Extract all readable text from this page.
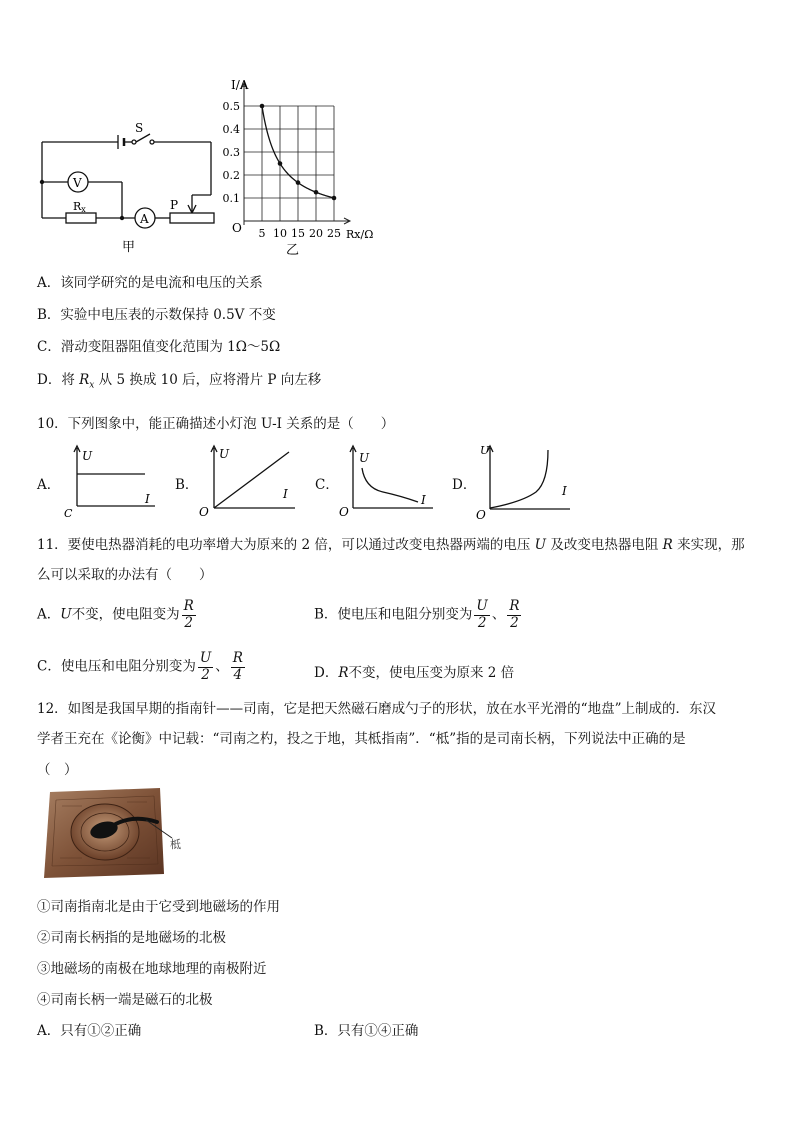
S
V
A
Rx	P
甲
5 10 15 20 25
0.5
0.4
0.3
0.2
0.1
I/A
Rx/Ω
O
乙
A．该同学研究的是电流和电压的关系
B．实验中电压表的示数保持 0.5V 不变
C．滑动变阻器阻值变化范围为 1Ω～5Ω
D．将 $R_x$ 从 5 换成 10 后，应将滑片 P 向左移
10．下列图象中，能正确描述小灯泡 U-I 关系的是（　　）
A．
U
I
C
B．
U
I
O
C．
U
I
O
D．
U
I
O
11．要使电热器消耗的电功率增大为原来的 2 倍，可以通过改变电热器两端的电压 U 及改变电热器电阻 R 来实现，那
么可以采取的办法有（　　）
A．U不变，使电阻变为 $\frac{R}{2}$	B．使电压和电阻分别变为 $\frac{U}{2}$ 、 $\frac{R}{2}$
C．使电压和电阻分别变为 $\frac{U}{2}$ 、 $\frac{R}{4}$	D．R不变，使电压变为原来 2 倍
12．如图是我国早期的指南针——司南，它是把天然磁石磨成勺子的形状，放在水平光滑的“地盘”上制成的．东汉
学者王充在《论衡》中记载：“司南之杓，投之于地，其柢指南”．“柢”指的是司南长柄，下列说法中正确的是
（　）
柢
①司南指南北是由于它受到地磁场的作用
②司南长柄指的是地磁场的北极
③地磁场的南极在地球地理的南极附近
④司南长柄一端是磁石的北极
A．只有①②正确	B．只有①④正确
